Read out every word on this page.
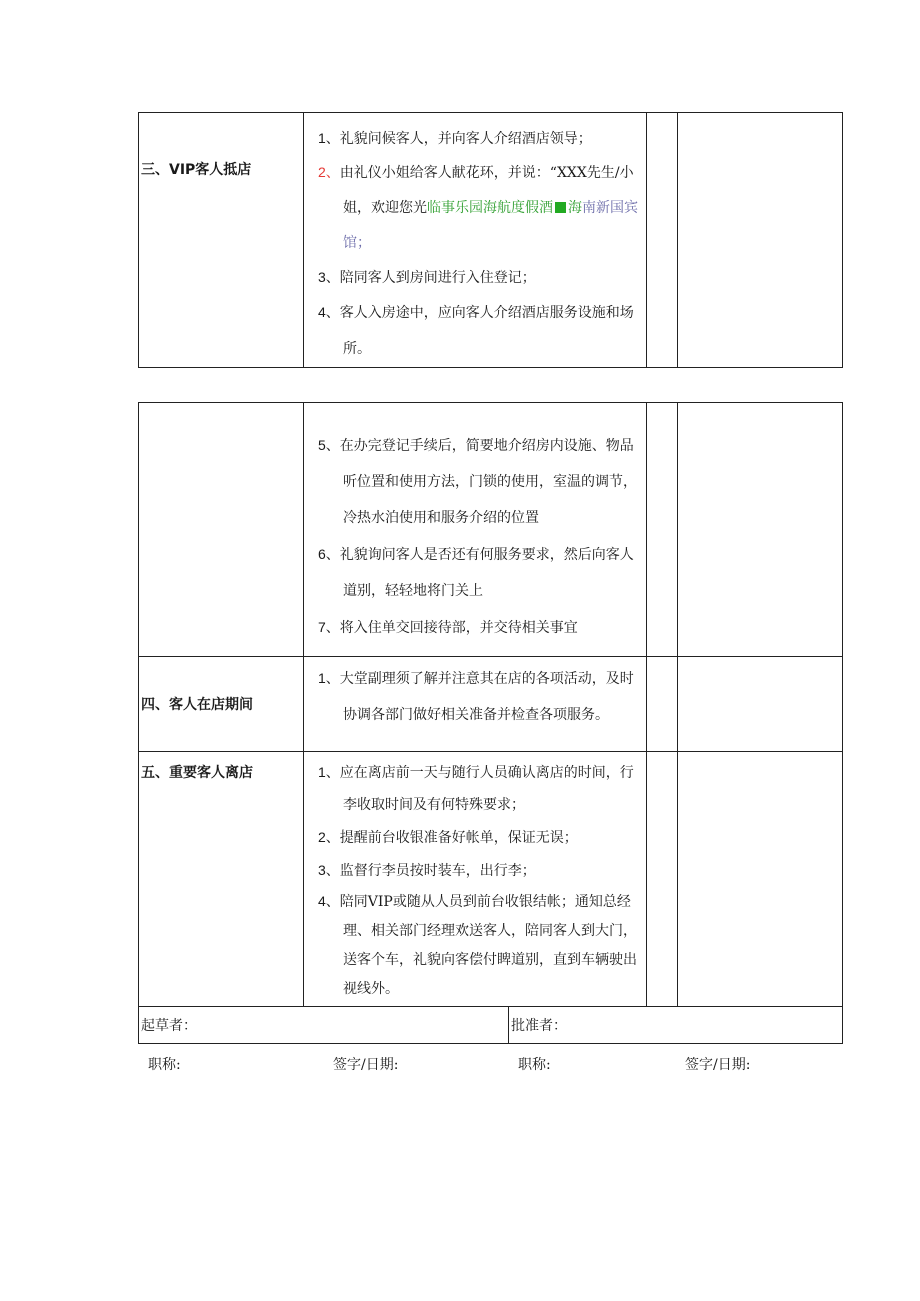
三、VIP客人抵店

1、礼貌问候客人，并向客人介绍酒店领导；

2、由礼仪小姐给客人献花环，并说：“XXX先生/小姐，欢迎您光临事乐园海航度假酒 海南新国宾馆；

3、陪同客人到房间进行入住登记；

4、客人入房途中，应向客人介绍酒店服务设施和场所。

	5、在办完登记手续后，简要地介绍房内设施、物品听位置和使用方法，门锁的使用，室温的调节，冷热水泊使用和服务介绍的位置

6、礼貌询问客人是否还有何服务要求，然后向客人道别，轻轻地将门关上

7、将入住单交回接待部，并交待相关事宜		

四、客人在店期间	1、大堂副理须了解并注意其在店的各项活动，及时协调各部门做好相关准备并检查各项服务。		

五、重要客人离店	1、应在离店前一天与随行人员确认离店的时间，行李收取时间及有何特殊要求；

2、提醒前台收银准备好帐单，保证无误；

3、监督行李员按时装车，出行李；

4、陪同VIP或随从人员到前台收银结帐；通知总经理、相关部门经理欢送客人，陪同客人到大门，送客个车，礼貌向客偿付睥道别，直到车辆驶出视线外。		

起草者：	批准者：
职称:	签字/日期:	职称:	签字/日期:
